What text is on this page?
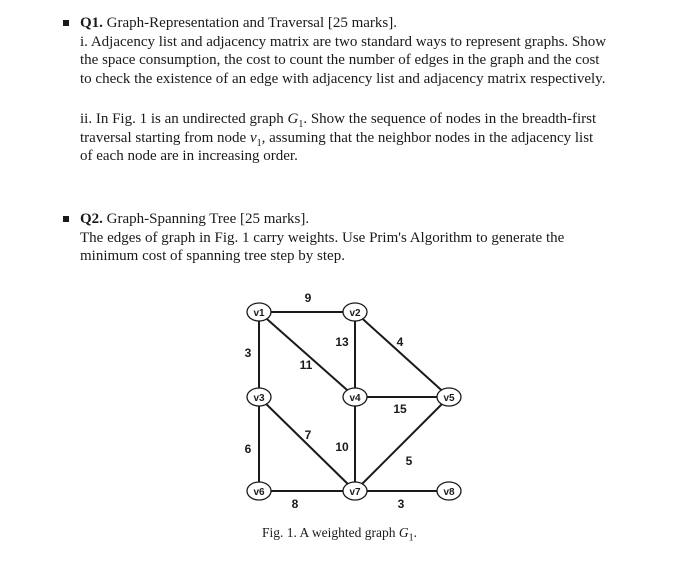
Q1. Graph-Representation and Traversal [25 marks].
i. Adjacency list and adjacency matrix are two standard ways to represent graphs. Show
the space consumption, the cost to count the number of edges in the graph and the cost
to check the existence of an edge with adjacency list and adjacency matrix respectively.
ii. In Fig. 1 is an undirected graph $G_1$. Show the sequence of nodes in the breadth-first
traversal starting from node $v_1$, assuming that the neighbor nodes in the adjacency list
of each node are in increasing order.
Q2. Graph-Spanning Tree [25 marks].
The edges of graph in Fig. 1 carry weights. Use Prim's Algorithm to generate the
minimum cost of spanning tree step by step.
v1	v2
v3	v4	v5
v6	v7	v8
9
3
11
13	4
15
6
7
10
5
8	3
Fig. 1. A weighted graph $G_1$.
